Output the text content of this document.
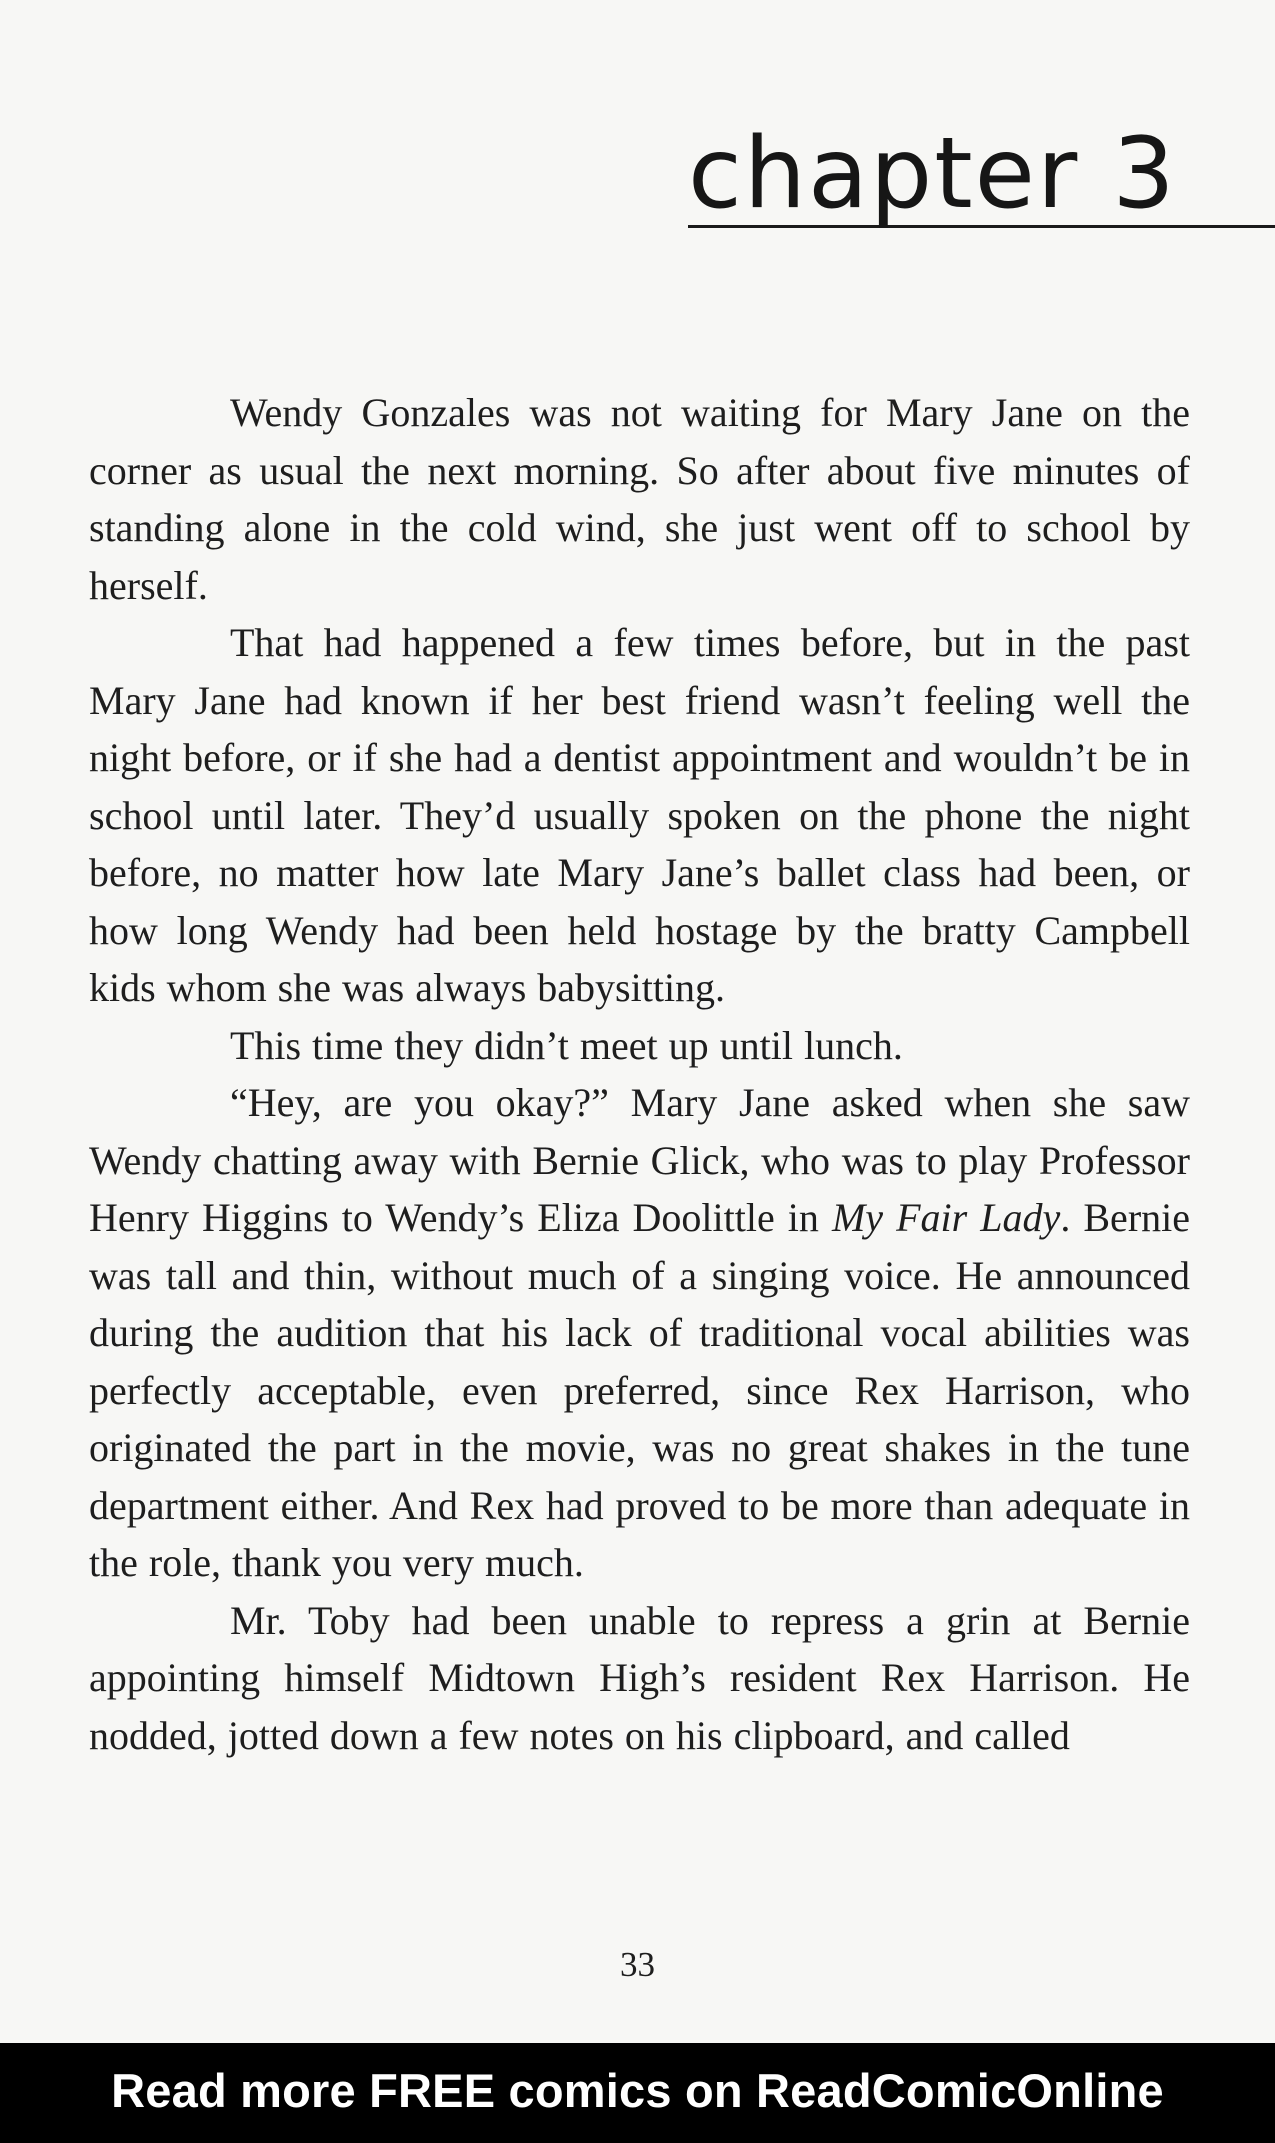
chapter 3

Wendy Gonzales was not waiting for Mary Jane on the corner as usual the next morning. So after about five minutes of standing alone in the cold wind, she just went off to school by herself.

That had happened a few times before, but in the past Mary Jane had known if her best friend wasn’t feeling well the night before, or if she had a dentist appointment and wouldn’t be in school until later. They’d usually spoken on the phone the night before, no matter how late Mary Jane’s ballet class had been, or how long Wendy had been held hostage by the bratty Campbell kids whom she was always babysitting.

This time they didn’t meet up until lunch.

“Hey, are you okay?” Mary Jane asked when she saw Wendy chatting away with Bernie Glick, who was to play Professor Henry Higgins to Wendy’s Eliza Doolittle in My Fair Lady. Bernie was tall and thin, without much of a singing voice. He announced during the audition that his lack of traditional vocal abilities was perfectly acceptable, even preferred, since Rex Harrison, who originated the part in the movie, was no great shakes in the tune department either. And Rex had proved to be more than adequate in the role, thank you very much.

Mr. Toby had been unable to repress a grin at Bernie appointing himself Midtown High’s resident Rex Harrison. He nodded, jotted down a few notes on his clipboard, and called

33
Read more FREE comics on ReadComicOnline
